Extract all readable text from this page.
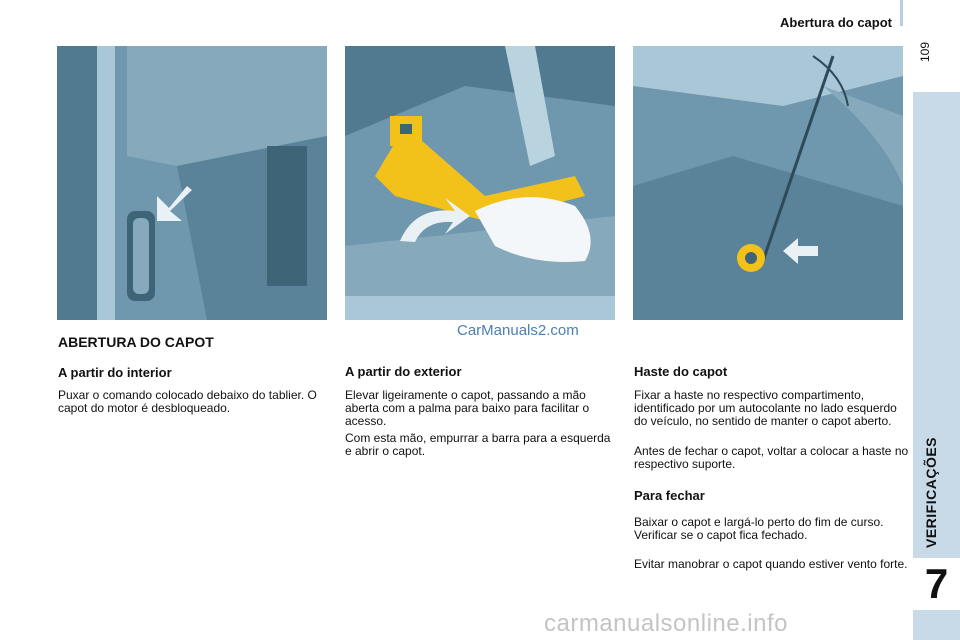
Abertura do capot
109
VERIFICAÇÕES
7
CarManuals2.com
ABERTURA DO CAPOT
A partir do interior

Puxar o comando colocado debaixo do tablier. O capot do motor é desbloqueado.

A partir do exterior

Elevar ligeiramente o capot, passando a mão aberta com a palma para baixo para facilitar o acesso.

Com esta mão, empurrar a barra para a esquerda e abrir o capot.

Haste do capot

Fixar a haste no respectivo compartimento, identificado por um autocolante no lado esquerdo do veículo, no sentido de manter o capot aberto.

Antes de fechar o capot, voltar a colocar a haste no respectivo suporte.

Para fechar

Baixar o capot e largá-lo perto do fim de curso. Verificar se o capot fica fechado.

Evitar manobrar o capot quando estiver vento forte.

carmanualsonline.info
